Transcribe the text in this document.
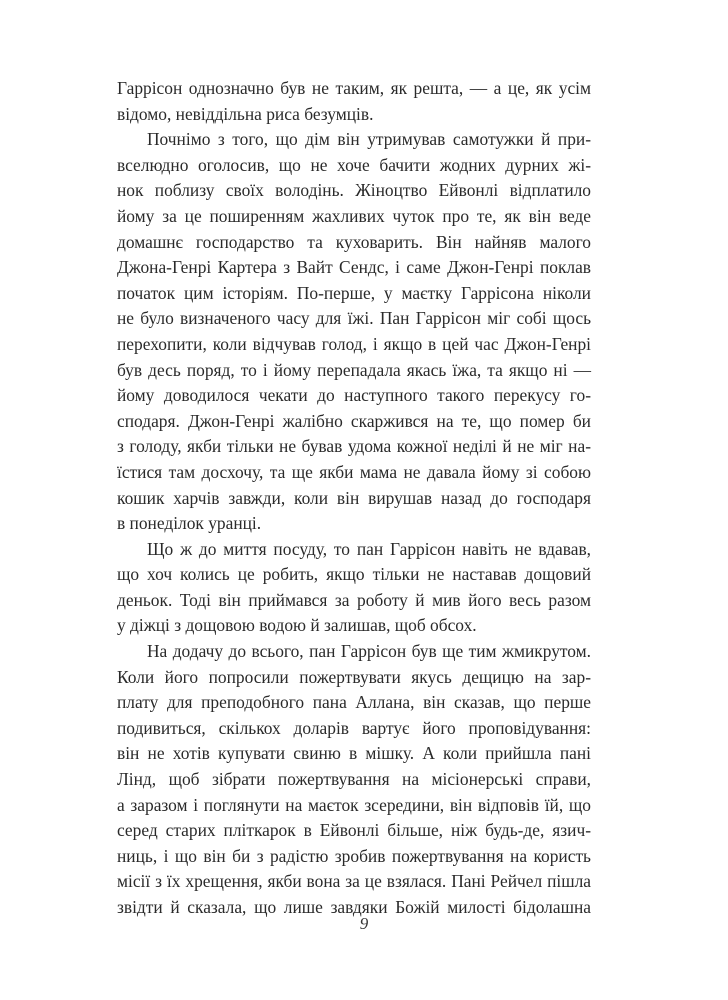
Гаррісон однозначно був не таким, як решта, — а це, як усім
відомо, невіддільна риса безумців.
Почнімо з того, що дім він утримував самотужки й при-
вселюдно оголосив, що не хоче бачити жодних дурних жі-
нок поблизу своїх володінь. Жіноцтво Ейвонлі відплатило
йому за це поширенням жахливих чуток про те, як він веде
домашнє господарство та куховарить. Він найняв малого
Джона-Генрі Картера з Вайт Сендс, і саме Джон-Генрі поклав
початок цим історіям. По-перше, у маєтку Гаррісона ніколи
не було визначеного часу для їжі. Пан Гаррісон міг собі щось
перехопити, коли відчував голод, і якщо в цей час Джон-Генрі
був десь поряд, то і йому перепадала якась їжа, та якщо ні —
йому доводилося чекати до наступного такого перекусу го-
сподаря. Джон-Генрі жалібно скаржився на те, що помер би
з голоду, якби тільки не бував удома кожної неділі й не міг на-
їстися там досхочу, та ще якби мама не давала йому зі собою
кошик харчів завжди, коли він вирушав назад до господаря
в понеділок уранці.
Що ж до миття посуду, то пан Гаррісон навіть не вдавав,
що хоч колись це робить, якщо тільки не наставав дощовий
деньок. Тоді він приймався за роботу й мив його весь разом
у діжці з дощовою водою й залишав, щоб обсох.
На додачу до всього, пан Гаррісон був ще тим жмикрутом.
Коли його попросили пожертвувати якусь дещицю на зар-
плату для преподобного пана Аллана, він сказав, що перше
подивиться, скількох доларів вартує його проповідування:
він не хотів купувати свиню в мішку. А коли прийшла пані
Лінд, щоб зібрати пожертвування на місіонерські справи,
а заразом і поглянути на маєток зсередини, він відповів їй, що
серед старих пліткарок в Ейвонлі більше, ніж будь-де, язич-
ниць, і що він би з радістю зробив пожертвування на користь
місії з їх хрещення, якби вона за це взялася. Пані Рейчел пішла
звідти й сказала, що лише завдяки Божій милості бідолашна
9
